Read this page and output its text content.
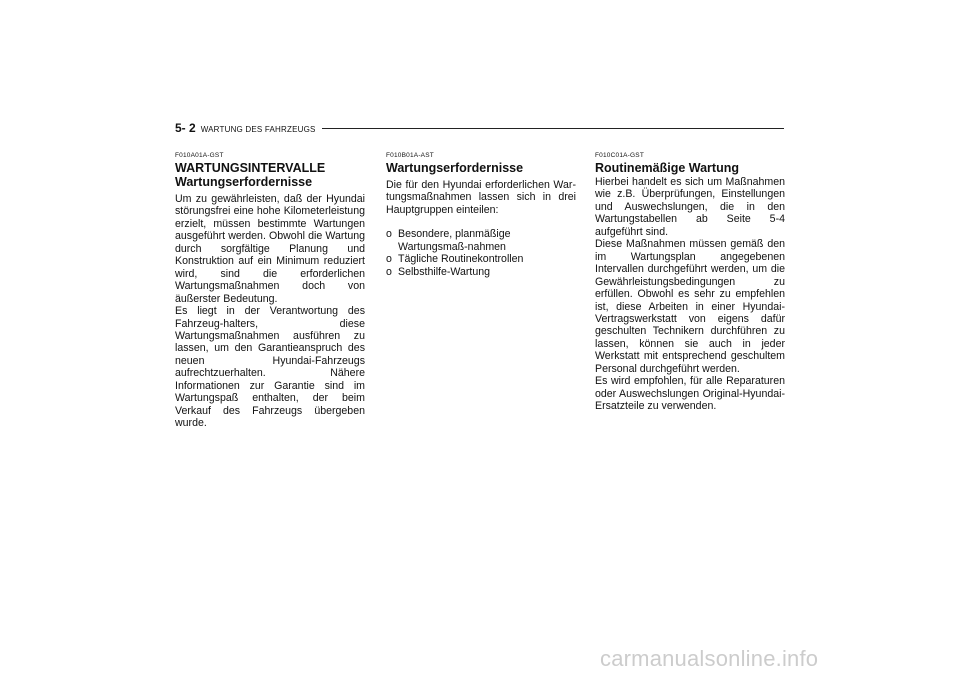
5- 2 WARTUNG DES FAHRZEUGS
F010A01A-GST
WARTUNGSINTERVALLE
Wartungserfordernisse
Um zu gewährleisten, daß der Hyundai störungsfrei eine hohe Kilometerleistung erzielt, müssen bestimmte Wartungen ausgeführt werden. Obwohl die Wartung durch sorgfältige Planung und Konstruktion auf ein Minimum reduziert wird, sind die erforderlichen Wartungsmaßnahmen doch von äußerster Bedeutung.
Es liegt in der Verantwortung des Fahrzeug-halters, diese Wartungsmaßnahmen ausführen zu lassen, um den Garantieanspruch des neuen Hyundai-Fahrzeugs aufrechtzuerhalten. Nähere Informationen zur Garantie sind im Wartungspaß enthalten, der beim Verkauf des Fahrzeugs übergeben wurde.
F010B01A-AST
Wartungserfordernisse
Die für den Hyundai erforderlichen War-tungsmaßnahmen lassen sich in drei Hauptgruppen einteilen:
o Besondere, planmäßige Wartungsmaß-nahmen
o Tägliche Routinekontrollen
o Selbsthilfe-Wartung
F010C01A-GST
Routinemäßige Wartung
Hierbei handelt es sich um Maßnahmen wie z.B. Überprüfungen, Einstellungen und Auswechslungen, die in den Wartungstabellen ab Seite 5-4 aufgeführt sind.
Diese Maßnahmen müssen gemäß den im Wartungsplan angegebenen Intervallen durchgeführt werden, um die Gewährleistungsbedingungen zu erfüllen. Obwohl es sehr zu empfehlen ist, diese Arbeiten in einer Hyundai-Vertragswerkstatt von eigens dafür geschulten Technikern durchführen zu lassen, können sie auch in jeder Werkstatt mit entsprechend geschultem Personal durchgeführt werden.
Es wird empfohlen, für alle Reparaturen oder Auswechslungen Original-Hyundai-Ersatzteile zu verwenden.
carmanualsonline.info
